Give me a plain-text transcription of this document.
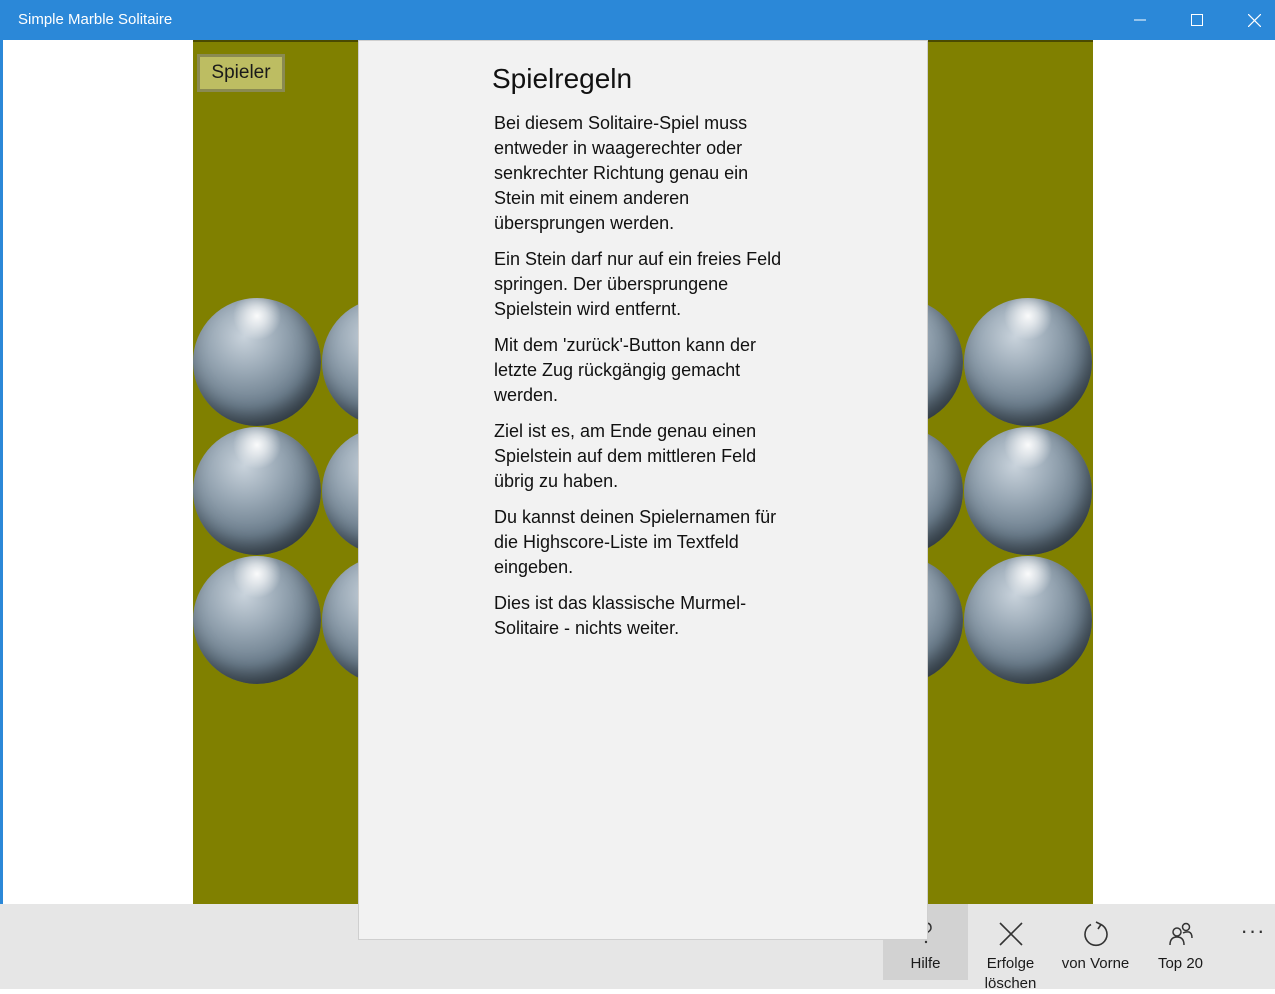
Simple Marble Solitaire
Spieler
Hilfe	Erfolge löschen
von Vorne	Top 20
···
Spielregeln

Bei diesem Solitaire-Spiel muss entweder in waagerechter oder senkrechter Richtung genau ein Stein mit einem anderen übersprungen werden.

Ein Stein darf nur auf ein freies Feld springen. Der übersprungene Spielstein wird entfernt.

Mit dem 'zurück'-Button kann der letzte Zug rückgängig gemacht werden.

Ziel ist es, am Ende genau einen Spielstein auf dem mittleren Feld übrig zu haben.

Du kannst deinen Spielernamen für die Highscore-Liste im Textfeld eingeben.

Dies ist das klassische Murmel-Solitaire - nichts weiter.
